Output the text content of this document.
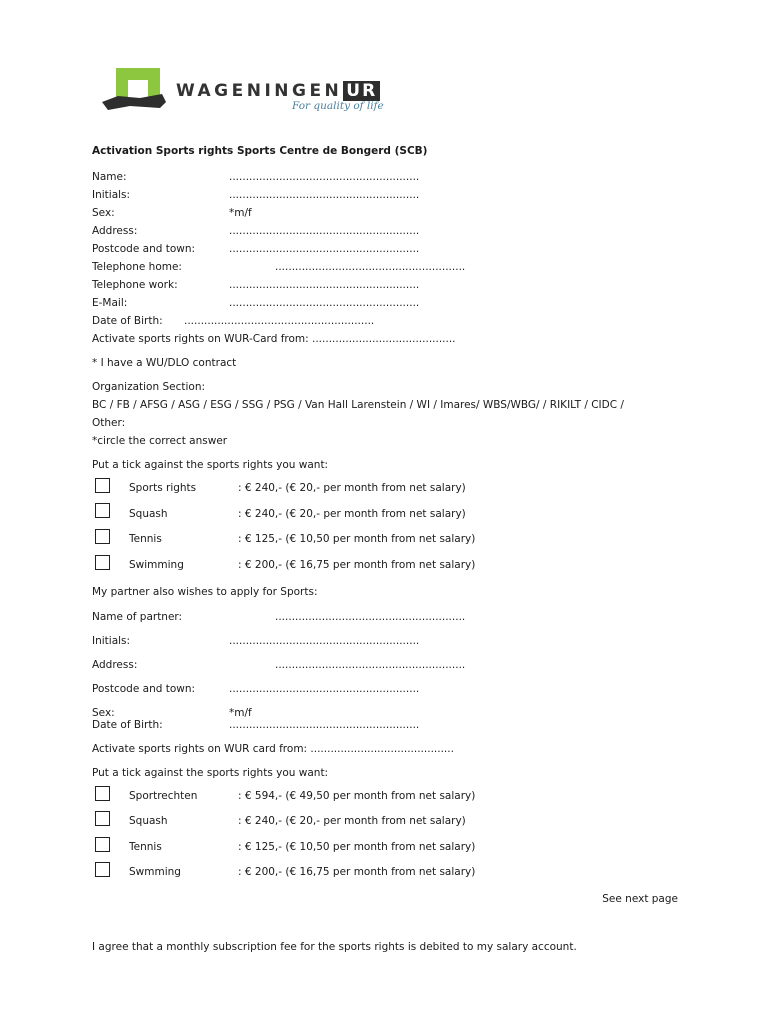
WAGENINGEN UR
For quality of life
Activation Sports rights Sports Centre de Bongerd (SCB)
Name:	.........................................................
Initials:	.........................................................
Sex:	*m/f
Address:	.........................................................
Postcode and town:	.........................................................
Telephone home:	.........................................................
Telephone work:	.........................................................
E-Mail:	.........................................................
Date of Birth: .........................................................
Activate sports rights on WUR-Card from: ...........................................
* I have a WU/DLO contract
Organization Section:
BC / FB / AFSG / ASG / ESG / SSG / PSG / Van Hall Larenstein / WI / Imares/ WBS/WBG/ / RIKILT / CIDC /
Other:
*circle the correct answer
Put a tick against the sports rights you want:
Sports rights	: € 240,- (€ 20,- per month from net salary)
Squash	: € 240,- (€ 20,- per month from net salary)
Tennis	: € 125,- (€ 10,50 per month from net salary)
Swimming	: € 200,- (€ 16,75 per month from net salary)
My partner also wishes to apply for Sports:
Name of partner:	.........................................................
Initials:	.........................................................
Address:	.........................................................
Postcode and town:	.........................................................
Sex:	*m/f
Date of Birth:	.........................................................
Activate sports rights on WUR card from: ...........................................
Put a tick against the sports rights you want:
Sportrechten	: € 594,- (€ 49,50 per month from net salary)
Squash	: € 240,- (€ 20,- per month from net salary)
Tennis	: € 125,- (€ 10,50 per month from net salary)
Swmming	: € 200,- (€ 16,75 per month from net salary)
See next page
I agree that a monthly subscription fee for the sports rights is debited to my salary account.
